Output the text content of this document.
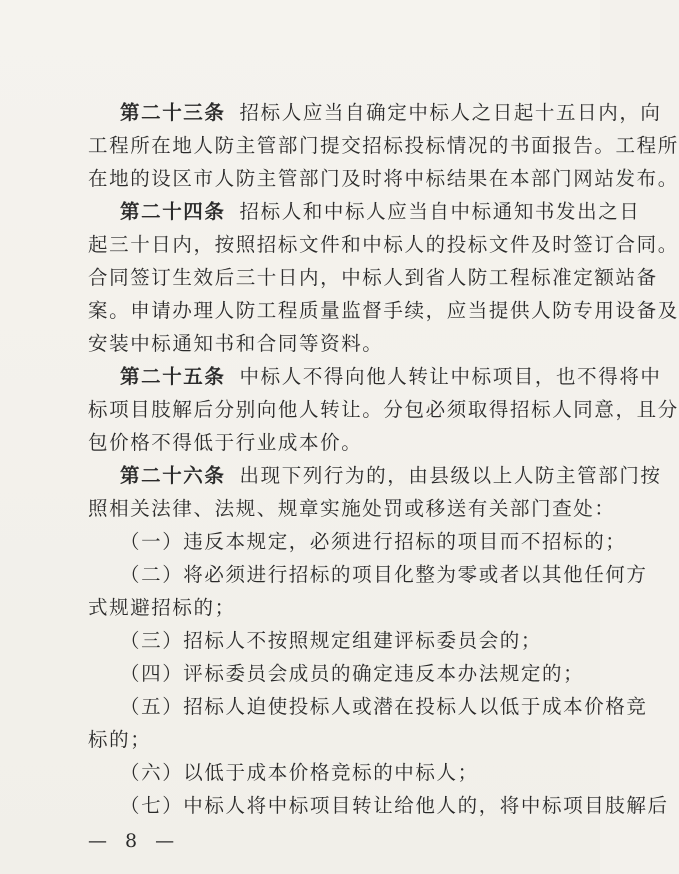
第二十三条 招标人应当自确定中标人之日起十五日内，向
工程所在地人防主管部门提交招标投标情况的书面报告。工程所
在地的设区市人防主管部门及时将中标结果在本部门网站发布。
第二十四条 招标人和中标人应当自中标通知书发出之日
起三十日内，按照招标文件和中标人的投标文件及时签订合同。
合同签订生效后三十日内，中标人到省人防工程标准定额站备
案。申请办理人防工程质量监督手续，应当提供人防专用设备及
安装中标通知书和合同等资料。
第二十五条 中标人不得向他人转让中标项目，也不得将中
标项目肢解后分别向他人转让。分包必须取得招标人同意，且分
包价格不得低于行业成本价。
第二十六条 出现下列行为的，由县级以上人防主管部门按
照相关法律、法规、规章实施处罚或移送有关部门查处：
（一）违反本规定，必须进行招标的项目而不招标的；
（二）将必须进行招标的项目化整为零或者以其他任何方
式规避招标的；
（三）招标人不按照规定组建评标委员会的；
（四）评标委员会成员的确定违反本办法规定的；
（五）招标人迫使投标人或潜在投标人以低于成本价格竞
标的；
（六）以低于成本价格竞标的中标人；
（七）中标人将中标项目转让给他人的，将中标项目肢解后
— 8 —
